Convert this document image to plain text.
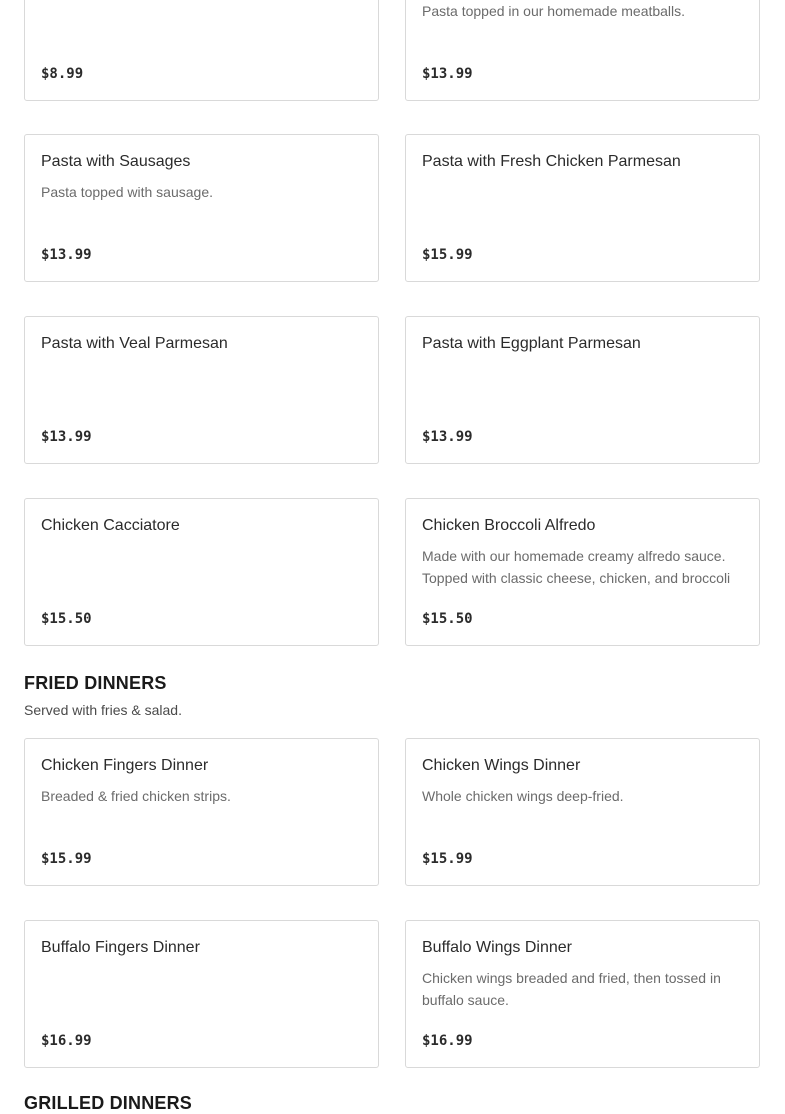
$8.99
Pasta topped in our homemade meatballs.
$13.99
Pasta with Sausages
Pasta topped with sausage.
$13.99
Pasta with Fresh Chicken Parmesan
$15.99
Pasta with Veal Parmesan
$13.99
Pasta with Eggplant Parmesan
$13.99
Chicken Cacciatore
$15.50
Chicken Broccoli Alfredo
Made with our homemade creamy alfredo sauce. Topped with classic cheese, chicken, and broccoli
$15.50
FRIED DINNERS
Served with fries & salad.
Chicken Fingers Dinner
Breaded & fried chicken strips.
$15.99
Chicken Wings Dinner
Whole chicken wings deep-fried.
$15.99
Buffalo Fingers Dinner
$16.99
Buffalo Wings Dinner
Chicken wings breaded and fried, then tossed in buffalo sauce.
$16.99
GRILLED DINNERS
